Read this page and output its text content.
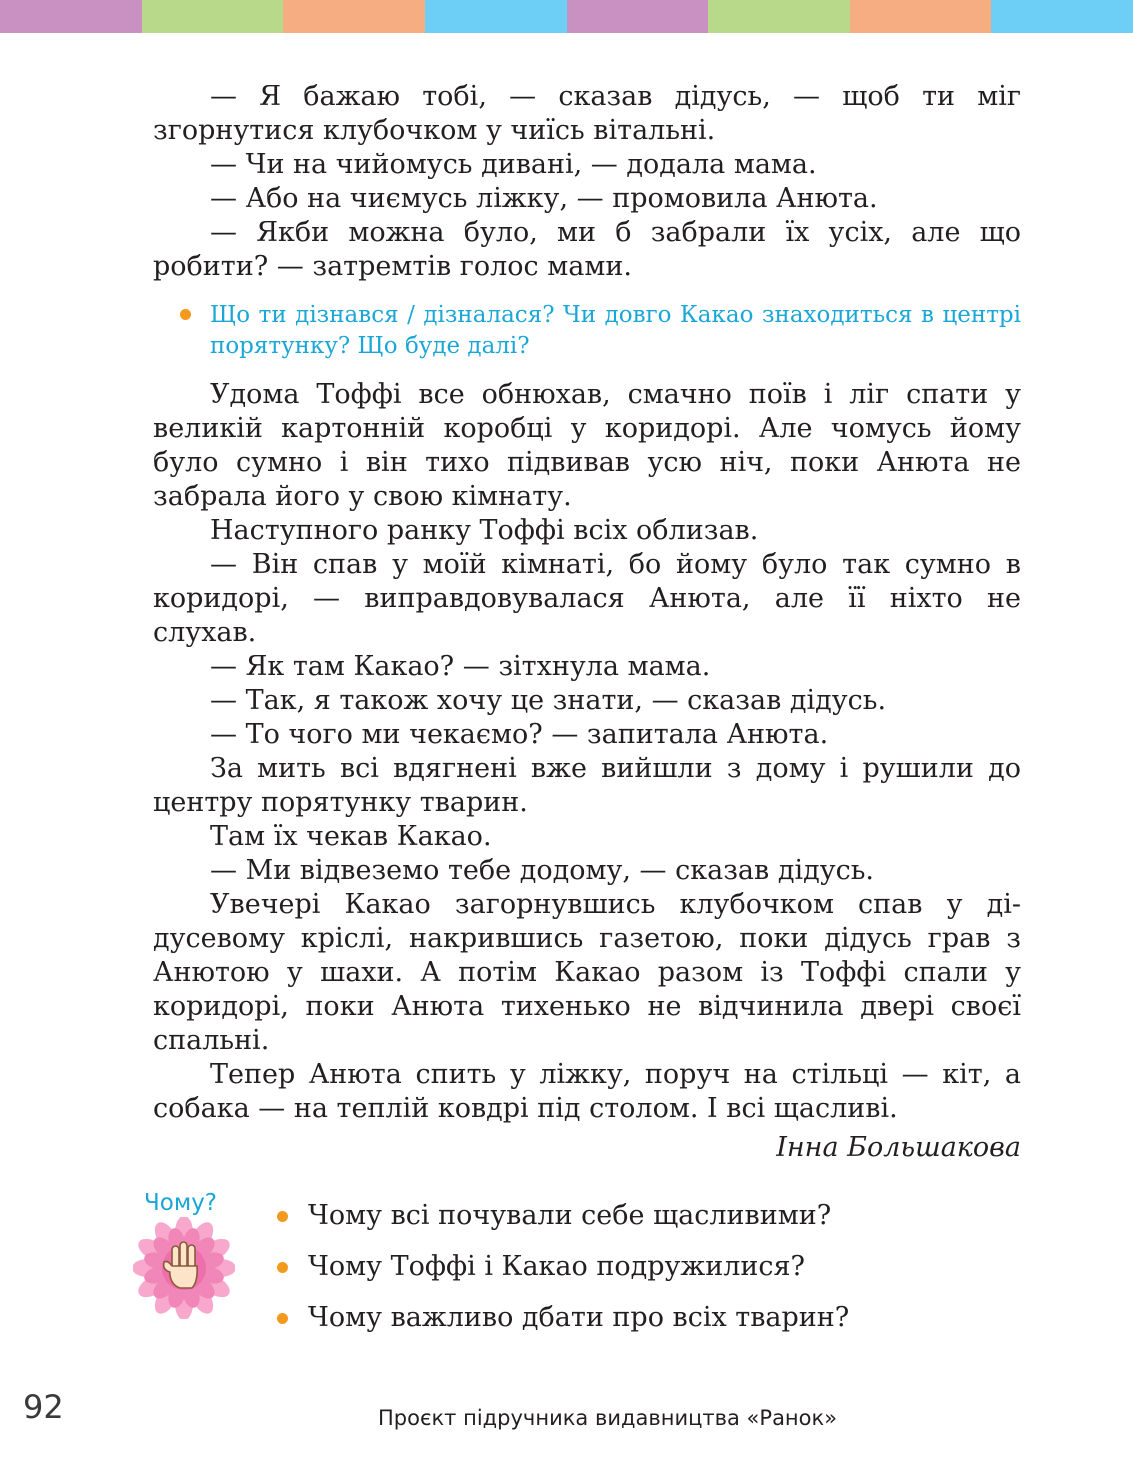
— Я бажаю тобі, — сказав дідусь, — щоб ти міг згорнутися клубочком у чиїсь вітальні.

— Чи на чийомусь дивані, — додала мама.

— Або на чиємусь ліжку, — промовила Анюта.

— Якби можна було, ми б забрали їх усіх, але що робити? — затремтів голос мами.

Що ти дізнався / дізналася? Чи довго Какао знаходиться в центрі порятунку? Що буде далі?

Удома Тоффі все обнюхав, смачно поїв і ліг спати у великій картонній коробці у коридорі. Але чомусь йому було сумно і він тихо підвивав усю ніч, поки Анюта не забрала його у свою кімнату.

Наступного ранку Тоффі всіх облизав.

— Він спав у моїй кімнаті, бо йому було так сумно в коридорі, — виправдовувалася Анюта, але її ніхто не слухав.

— Як там Какао? — зітхнула мама.

— Так, я також хочу це знати, — сказав дідусь.

— То чого ми чекаємо? — запитала Анюта.

За мить всі вдягнені вже вийшли з дому і рушили до центру порятунку тварин.

Там їх чекав Какао.

— Ми відвеземо тебе додому, — сказав дідусь.

Увечері Какао загорнувшись клубочком спав у ді-дусевому кріслі, накрившись газетою, поки дідусь грав з Анютою у шахи. А потім Какао разом із Тоффі спали у коридорі, поки Анюта тихенько не відчинила двері своєї спальні.

Тепер Анюта спить у ліжку, поруч на стільці — кіт, а собака — на теплій ковдрі під столом. І всі щасливі.

Інна Большакова
Чому?	Чому всі почували себе щасливими?
Чому Тоффі і Какао подружилися?
Чому важливо дбати про всіх тварин?
92	Проєкт підручника видавництва «Ранок»
